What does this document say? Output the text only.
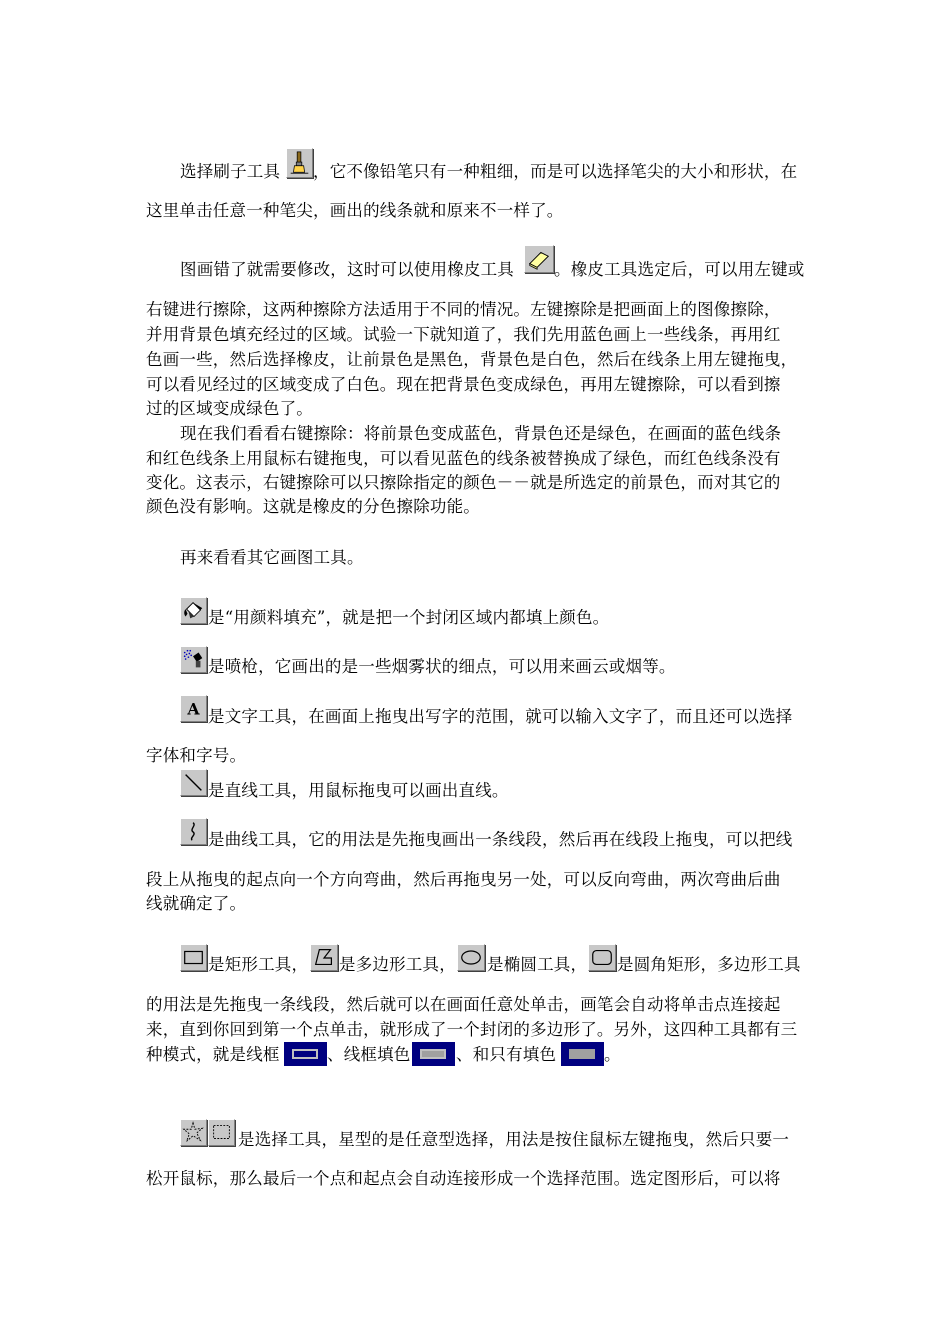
选择刷子工具 ，它不像铅笔只有一种粗细，而是可以选择笔尖的大小和形状，在
这里单击任意一种笔尖，画出的线条就和原来不一样了。
图画错了就需要修改，这时可以使用橡皮工具 。橡皮工具选定后，可以用左键或
右键进行擦除，这两种擦除方法适用于不同的情况。左键擦除是把画面上的图像擦除，
并用背景色填充经过的区域。试验一下就知道了，我们先用蓝色画上一些线条，再用红
色画一些，然后选择橡皮，让前景色是黑色，背景色是白色，然后在线条上用左键拖曳，
可以看见经过的区域变成了白色。现在把背景色变成绿色，再用左键擦除，可以看到擦
过的区域变成绿色了。
现在我们看看右键擦除：将前景色变成蓝色，背景色还是绿色，在画面的蓝色线条
和红色线条上用鼠标右键拖曳，可以看见蓝色的线条被替换成了绿色，而红色线条没有
变化。这表示，右键擦除可以只擦除指定的颜色－－就是所选定的前景色，而对其它的
颜色没有影响。这就是橡皮的分色擦除功能。
再来看看其它画图工具。
是“用颜料填充”，就是把一个封闭区域内都填上颜色。
是喷枪，它画出的是一些烟雾状的细点，可以用来画云或烟等。
A 是文字工具，在画面上拖曳出写字的范围，就可以输入文字了，而且还可以选择
字体和字号。
是直线工具，用鼠标拖曳可以画出直线。
是曲线工具，它的用法是先拖曳画出一条线段，然后再在线段上拖曳，可以把线
段上从拖曳的起点向一个方向弯曲，然后再拖曳另一处，可以反向弯曲，两次弯曲后曲
线就确定了。
是矩形工具， 是多边形工具， 是椭圆工具， 是圆角矩形，多边形工具
的用法是先拖曳一条线段，然后就可以在画面任意处单击，画笔会自动将单击点连接起
来，直到你回到第一个点单击，就形成了一个封闭的多边形了。另外，这四种工具都有三
种模式，就是线框	、线框填色	、和只有填色	。
是选择工具，星型的是任意型选择，用法是按住鼠标左键拖曳，然后只要一
松开鼠标，那么最后一个点和起点会自动连接形成一个选择范围。选定图形后，可以将
